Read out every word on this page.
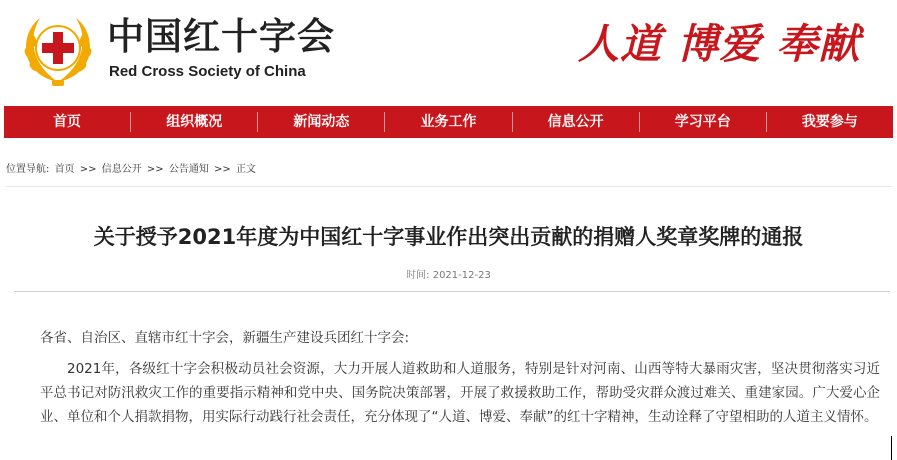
中国红十字会
Red Cross Society of China
人道 博爱 奉献
首页	组织概况	新闻动态	业务工作	信息公开	学习平台	我要参与
位置导航: 首页 >> 信息公开 >> 公告通知 >> 正文
关于授予2021年度为中国红十字事业作出突出贡献的捐赠人奖章奖牌的通报
时间: 2021-12-23
各省、自治区、直辖市红十字会，新疆生产建设兵团红十字会:
2021年，各级红十字会积极动员社会资源，大力开展人道救助和人道服务，特别是针对河南、山西等特大暴雨灾害，坚决贯彻落实习近平总书记对防汛救灾工作的重要指示精神和党中央、国务院决策部署，开展了救援救助工作，帮助受灾群众渡过难关、重建家园。广大爱心企业、单位和个人捐款捐物，用实际行动践行社会责任，充分体现了“人道、博爱、奉献”的红十字精神，生动诠释了守望相助的人道主义情怀。
